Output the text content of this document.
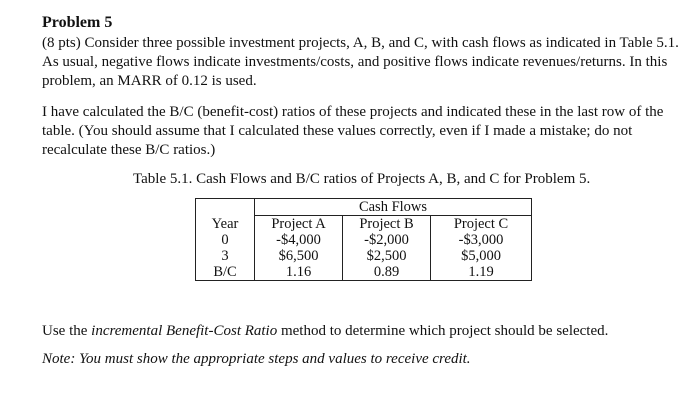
Problem 5

(8 pts) Consider three possible investment projects, A, B, and C, with cash flows as indicated in Table 5.1. As usual, negative flows indicate investments/costs, and positive flows indicate revenues/returns. In this problem, an MARR of 0.12 is used.

I have calculated the B/C (benefit-cost) ratios of these projects and indicated these in the last row of the table. (You should assume that I calculated these values correctly, even if I made a mistake; do not recalculate these B/C ratios.)

Table 5.1. Cash Flows and B/C ratios of Projects A, B, and C for Problem 5.
	Cash Flows		
Year	Project A	Project B	Project C
0	-$4,000	-$2,000	-$3,000
3	$6,500	$2,500	$5,000
B/C	1.16	0.89	1.19
Use the incremental Benefit-Cost Ratio method to determine which project should be selected.
Note: You must show the appropriate steps and values to receive credit.
